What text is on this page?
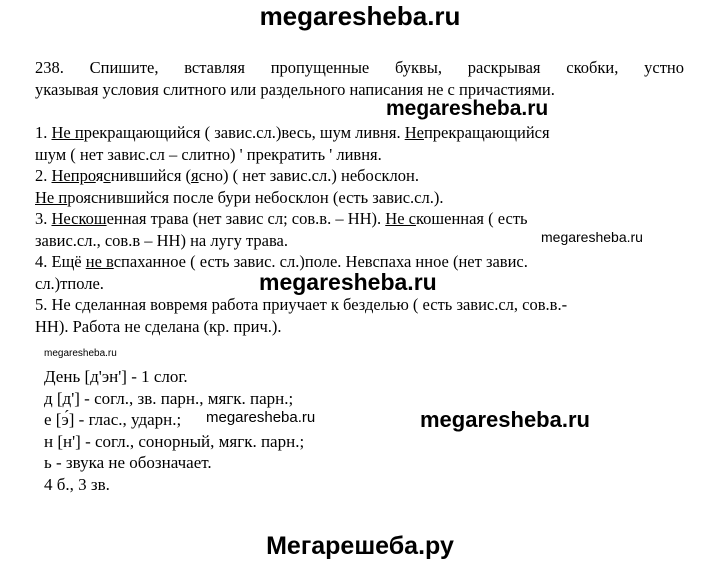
megaresheba.ru
megaresheba.ru
megaresheba.ru
megaresheba.ru
megaresheba.ru
megaresheba.ru	megaresheba.ru
Мегарешеба.ру
238. Спишите, вставляя пропущенные буквы, раскрывая скобки, устно
указывая условия слитного или раздельного написания не с причастиями.
1. Не прекращающийся ( завис.сл.)весь, шум ливня. Непрекращающийся
шум ( нет завис.сл – слитно) ' прекратить ' ливня.
2. Непрояснившийся (ясно) ( нет завис.сл.) небосклон.
Не прояснившийся после бури небосклон (есть завис.сл.).
3. Нескошенная трава (нет завис сл; сов.в. – НН). Не скошенная ( есть
завис.сл., сов.в – НН) на лугу трава.
4. Ещё не вспаханное ( есть завис. сл.)поле. Невспаха нное (нет завис.
сл.)тполе.
5. Не сделанная вовремя работа приучает к безделью ( есть завис.сл, сов.в.-
НН). Работа не сделана (кр. прич.).
День [д'эн'] - 1 слог.
д [д'] - согл., зв. парн., мягк. парн.;
е [э́] - глас., ударн.;
н [н'] - согл., сонорный, мягк. парн.;
ь - звука не обозначает.
4 б., 3 зв.
